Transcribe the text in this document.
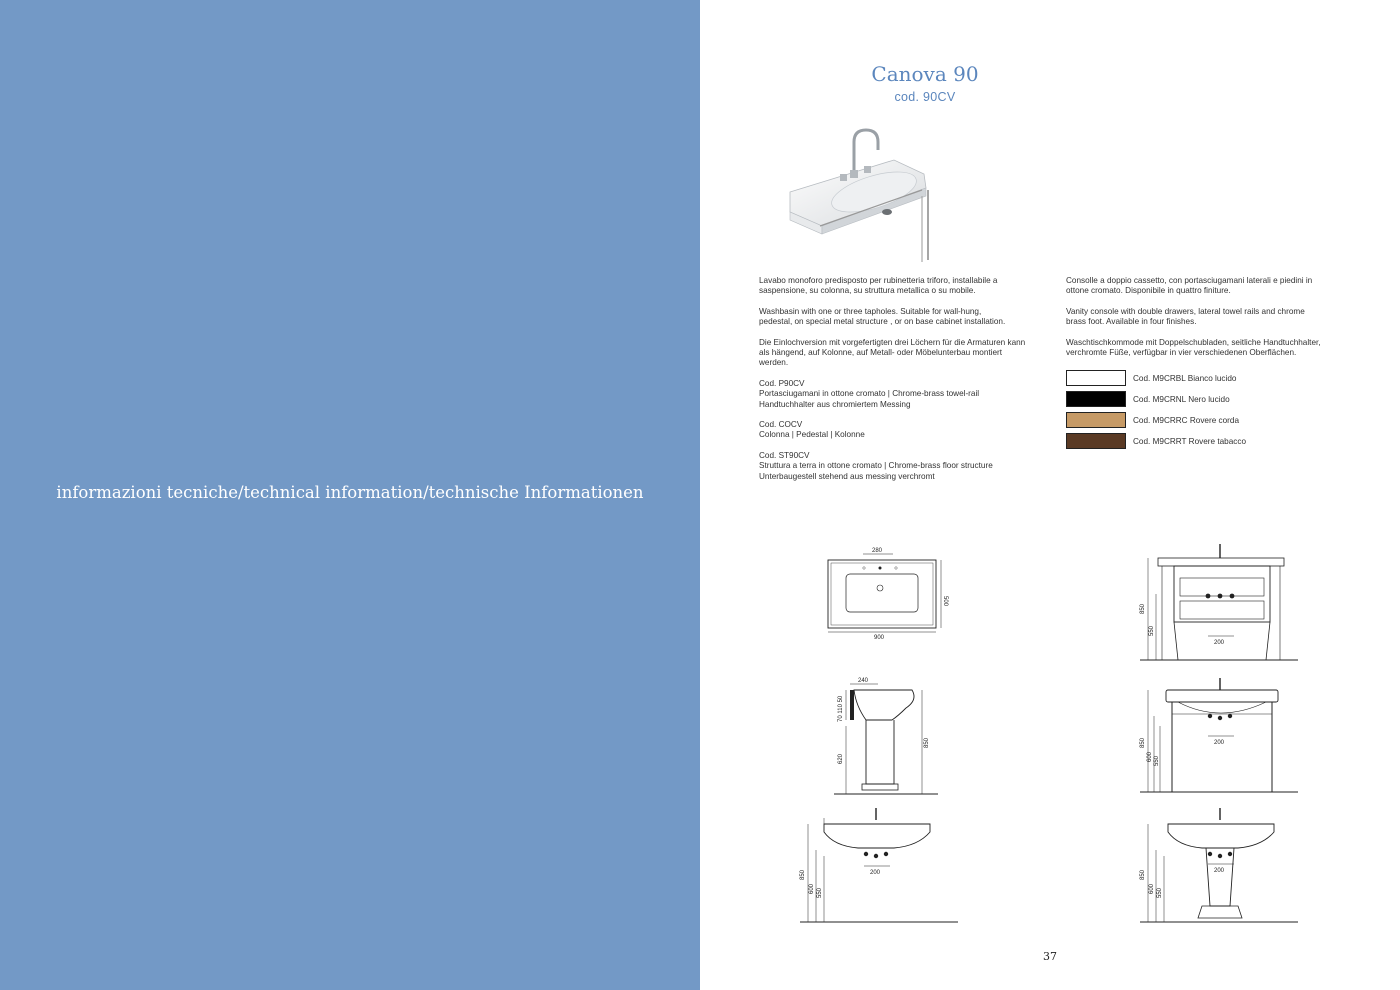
informazioni tecniche/technical information/technische Informationen
Canova 90
cod. 90CV
Lavabo monoforo predisposto per rubinetteria triforo, installabile a
saspensione, su colonna, su struttura metallica o su mobile.
Washbasin with one or three tapholes. Suitable for wall-hung,
pedestal, on special metal structure , or on base cabinet installation.
Die Einlochversion mit vorgefertigten drei Löchern für die Armaturen kann
als hängend, auf Kolonne, auf Metall- oder Möbelunterbau montiert
werden.
Cod. P90CV
Portasciugamani in ottone cromato | Chrome-brass towel-rail
Handtuchhalter aus chromiertem Messing
Cod. COCV
Colonna | Pedestal | Kolonne
Cod. ST90CV
Struttura a terra in ottone cromato | Chrome-brass floor structure
Unterbaugestell stehend aus messing verchromt
Consolle a doppio cassetto, con portasciugamani laterali e piedini in
ottone cromato. Disponibile in quattro finiture.
Vanity console with double drawers, lateral towel rails and chrome
brass foot. Available in four finishes.
Waschtischkommode mit Doppelschubladen, seitliche Handtuchhalter,
verchromte Füße, verfügbar in vier verschiedenen Oberflächen.
Cod. M9CRBL Bianco lucido
Cod. M9CRNL Nero lucido
Cod. M9CRRC Rovere corda
Cod. M9CRRT Rovere tabacco
280
900
500
850
550
200
240
70 110 50
620
850	850
600 550
200
850
600 550
200	850
600 550
200
37
